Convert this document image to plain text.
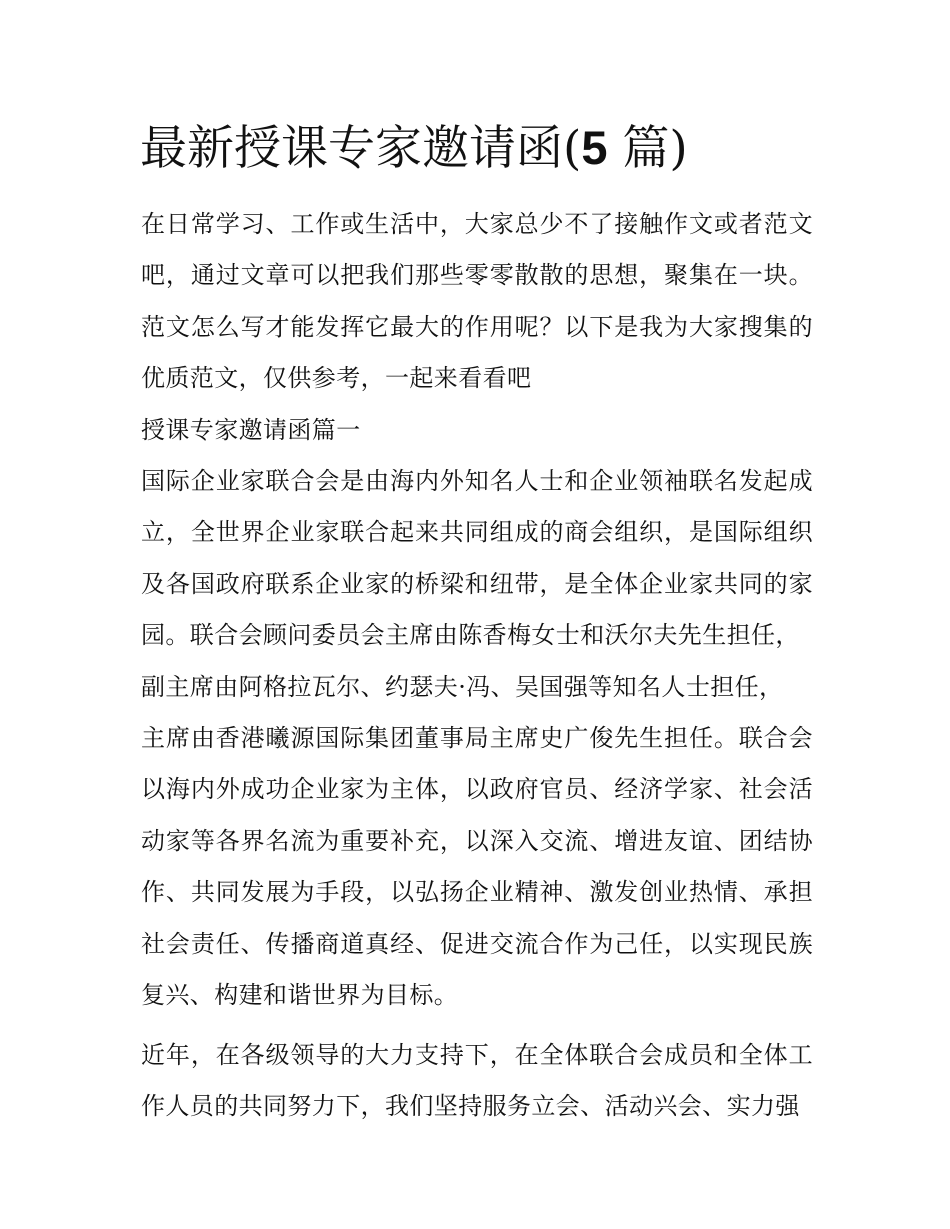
最新授课专家邀请函(5 篇)

在日常学习、工作或生活中，大家总少不了接触作文或者范文吧，通过文章可以把我们那些零零散散的思想，聚集在一块。范文怎么写才能发挥它最大的作用呢？以下是我为大家搜集的优质范文，仅供参考，一起来看看吧

授课专家邀请函篇一

国际企业家联合会是由海内外知名人士和企业领袖联名发起成立，全世界企业家联合起来共同组成的商会组织，是国际组织及各国政府联系企业家的桥梁和纽带，是全体企业家共同的家园。联合会顾问委员会主席由陈香梅女士和沃尔夫先生担任，

副主席由阿格拉瓦尔、约瑟夫·冯、吴国强等知名人士担任，

主席由香港曦源国际集团董事局主席史广俊先生担任。联合会以海内外成功企业家为主体，以政府官员、经济学家、社会活动家等各界名流为重要补充，以深入交流、增进友谊、团结协作、共同发展为手段，以弘扬企业精神、激发创业热情、承担社会责任、传播商道真经、促进交流合作为己任，以实现民族复兴、构建和谐世界为目标。

近年，在各级领导的大力支持下，在全体联合会成员和全体工作人员的共同努力下，我们坚持服务立会、活动兴会、实力强
